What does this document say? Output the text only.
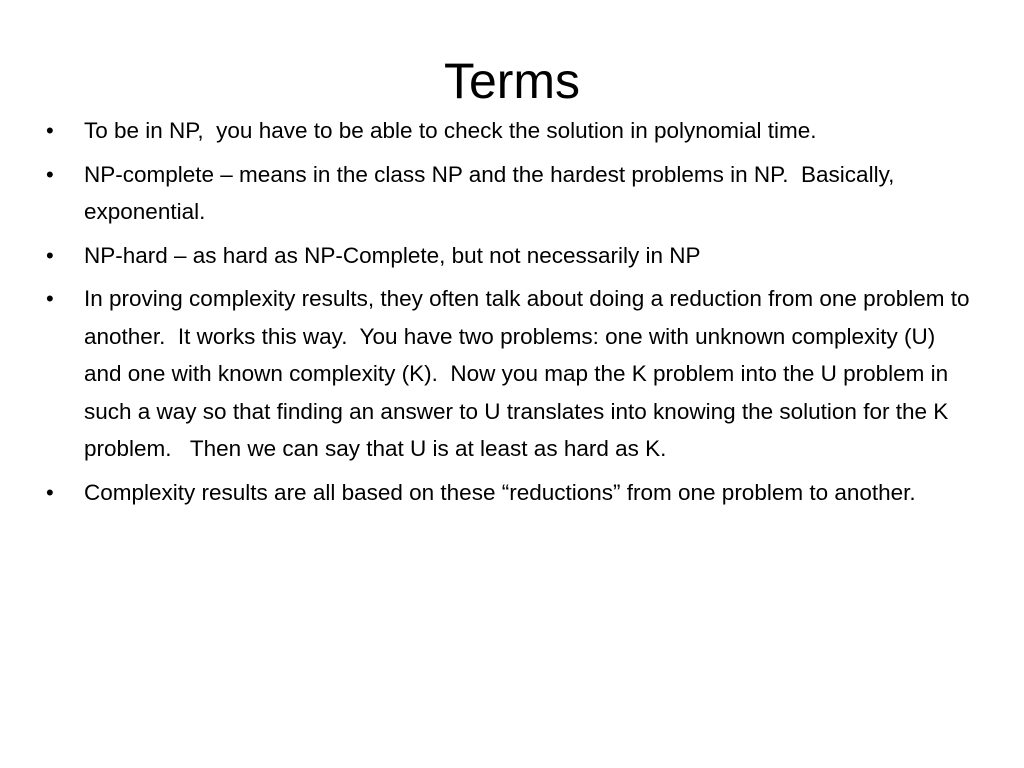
Terms
•	To be in NP,  you have to be able to check the solution in polynomial time.
•	NP-complete – means in the class NP and the hardest problems in NP.  Basically, exponential.
•	NP-hard – as hard as NP-Complete, but not necessarily in NP
•	In proving complexity results, they often talk about doing a reduction from one problem to another.  It works this way.  You have two problems: one with unknown complexity (U)  and one with known complexity (K).  Now you map the K problem into the U problem in such a way so that finding an answer to U translates into knowing the solution for the K problem.   Then we can say that U is at least as hard as K.
•	Complexity results are all based on these “reductions” from one problem to another.
